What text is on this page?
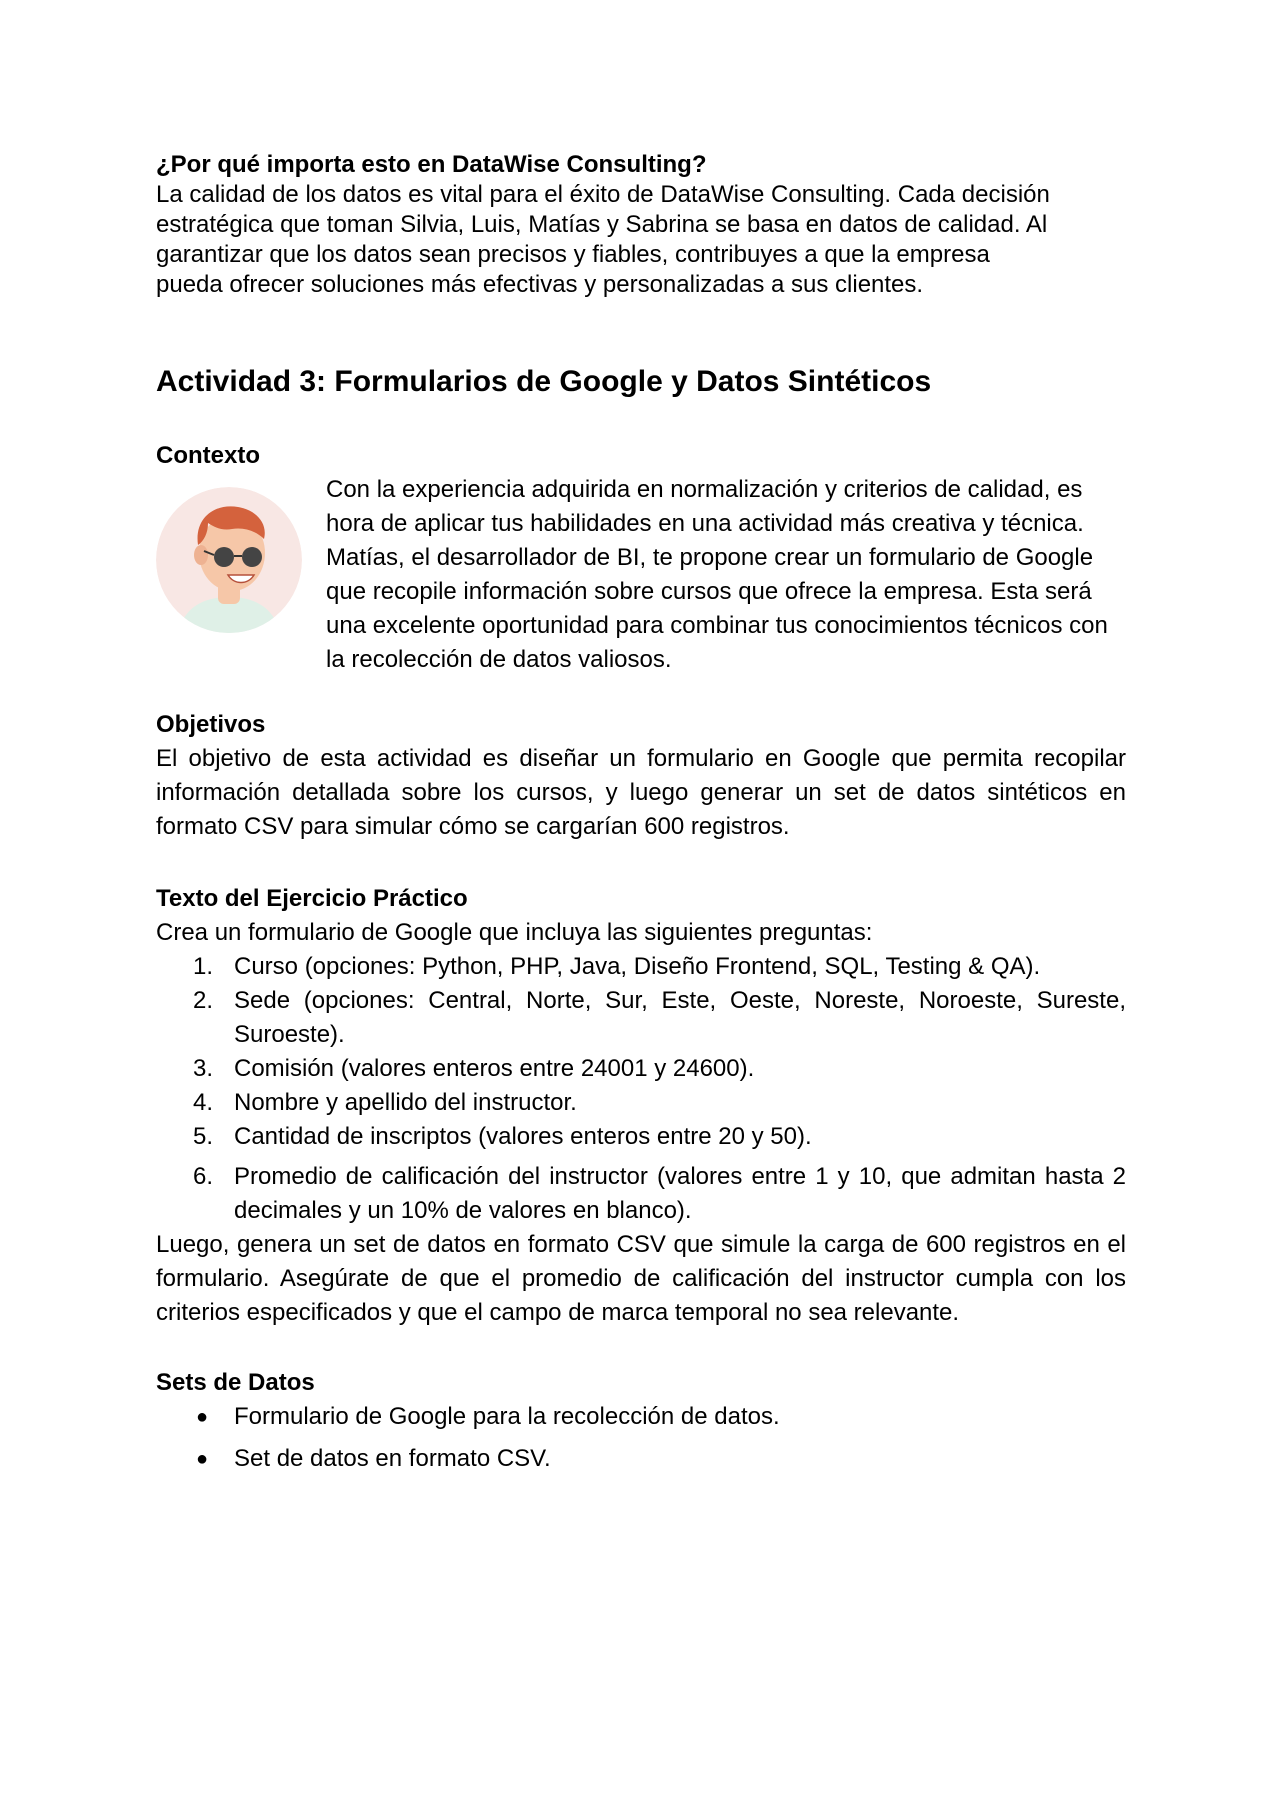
¿Por qué importa esto en DataWise Consulting?

La calidad de los datos es vital para el éxito de DataWise Consulting. Cada decisión

estratégica que toman Silvia, Luis, Matías y Sabrina se basa en datos de calidad. Al

garantizar que los datos sean precisos y fiables, contribuyes a que la empresa

pueda ofrecer soluciones más efectivas y personalizadas a sus clientes.

Actividad 3: Formularios de Google y Datos Sintéticos
Contexto

Con la experiencia adquirida en normalización y criterios de calidad, es hora de aplicar tus habilidades en una actividad más creativa y técnica. Matías, el desarrollador de BI, te propone crear un formulario de Google que recopile información sobre cursos que ofrece la empresa. Esta será una excelente oportunidad para combinar tus conocimientos técnicos con la recolección de datos valiosos.

Objetivos

El objetivo de esta actividad es diseñar un formulario en Google que permita recopilar información detallada sobre los cursos, y luego generar un set de datos sintéticos en formato CSV para simular cómo se cargarían 600 registros.

Texto del Ejercicio Práctico

Crea un formulario de Google que incluya las siguientes preguntas:

1. Curso (opciones: Python, PHP, Java, Diseño Frontend, SQL, Testing & QA).
2. Sede (opciones: Central, Norte, Sur, Este, Oeste, Noreste, Noroeste, Sureste, Suroeste).
3. Comisión (valores enteros entre 24001 y 24600).
4. Nombre y apellido del instructor.
5. Cantidad de inscriptos (valores enteros entre 20 y 50).
6. Promedio de calificación del instructor (valores entre 1 y 10, que admitan hasta 2 decimales y un 10% de valores en blanco).

Luego, genera un set de datos en formato CSV que simule la carga de 600 registros en el formulario. Asegúrate de que el promedio de calificación del instructor cumpla con los criterios especificados y que el campo de marca temporal no sea relevante.

Sets de Datos
● Formulario de Google para la recolección de datos.
● Set de datos en formato CSV.
